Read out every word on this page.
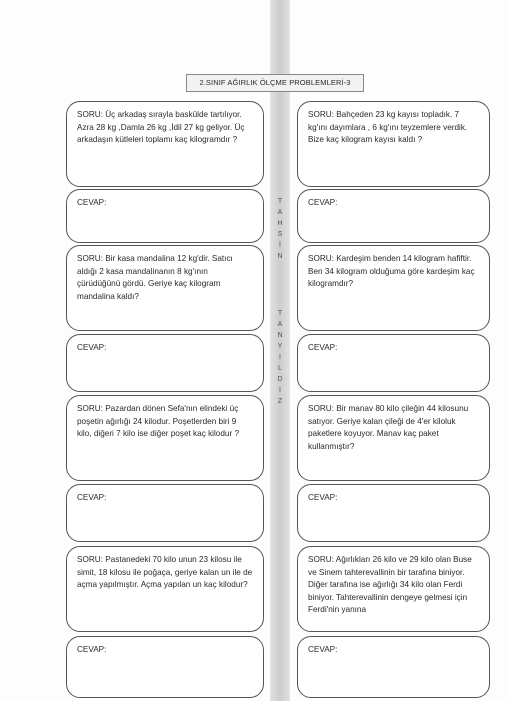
2.SINIF AĞIRLIK ÖLÇME PROBLEMLERİ-3
SORU: Üç arkadaş sırayla baskülde tartılıyor. Azra 28 kg ,Damla 26 kg ,İdil 27 kg geliyor. Üç arkadaşın kütleleri toplamı kaç kilogramdır ?
SORU: Bahçeden 23 kg kayısı topladık. 7 kg'ını dayımlara , 6 kg'ını teyzemlere verdik. Bize kaç kilogram kayısı kaldı ?
CEVAP:	CEVAP:
SORU: Bir kasa mandalina 12 kg'dir. Satıcı aldığı 2 kasa mandalinanın 8 kg'ının çürüdüğünü gördü. Geriye kaç kilogram mandalina kaldı?
SORU: Kardeşim benden 14 kilogram hafiftir. Ben 34 kilogram olduğuma göre kardeşim kaç kilogramdır?
CEVAP:	CEVAP:
SORU: Pazardan dönen Sefa'nın elindeki üç poşetin ağırlığı 24 kilodur. Poşetlerden biri 9 kilo, diğeri 7 kilo ise diğer poşet kaç kilodur ?
SORU: Bir manav 80 kilo çileğin 44 kilosunu satıyor. Geriye kalan çileği de 4'er kiloluk paketlere koyuyor. Manav kaç paket kullanmıştır?
CEVAP:	CEVAP:
SORU: Pastanedeki 70 kilo unun 23 kilosu ile simit, 18 kilosu ile poğaça, geriye kalan un ile de açma yapılmıştır. Açma yapılan un kaç kilodur?
SORU: Ağırlıkları 26 kilo ve 29 kilo olan Buse ve Sinem tahterevallinin bir tarafına biniyor. Diğer tarafına ise ağırlığı 34 kilo olan Ferdi biniyor. Tahterevallinin dengeye gelmesi için Ferdi'nin yanına
CEVAP:	CEVAP:
T
A
H
S
İ
N
T
A
N
Y
I
L
D
I
Z
